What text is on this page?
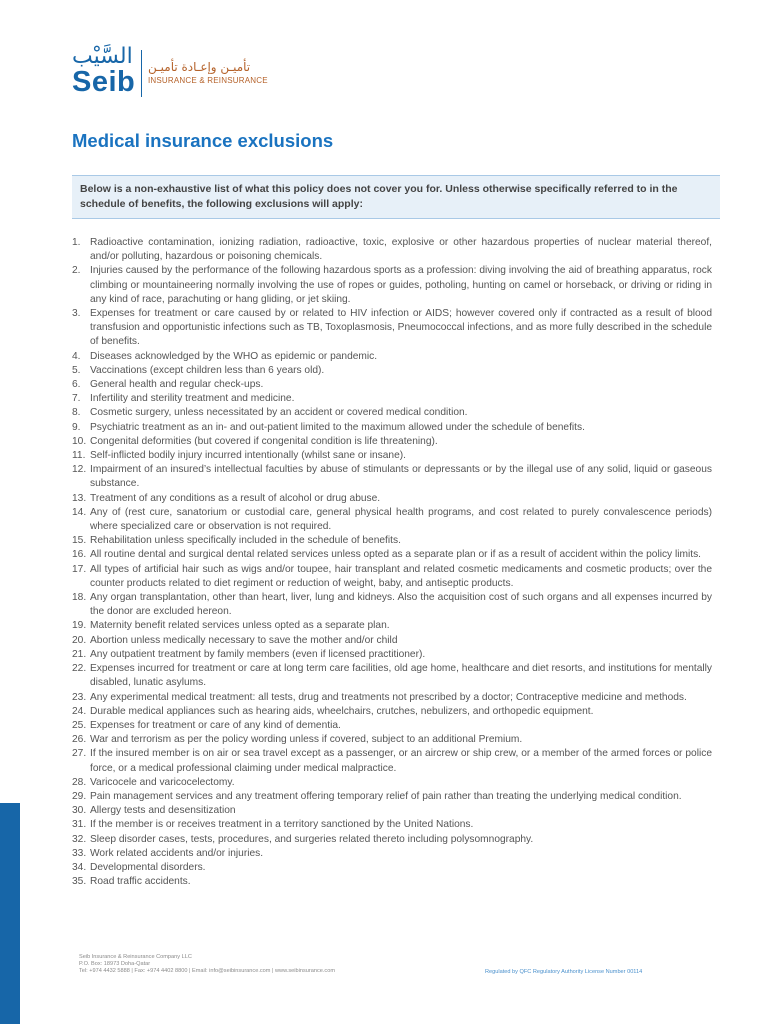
السَّيْب
Seib تأميـن وإعـادة تأميـن
INSURANCE & REINSURANCE
Medical insurance exclusions
Below is a non-exhaustive list of what this policy does not cover you for. Unless otherwise specifically referred to in the schedule of benefits, the following exclusions will apply:
1. Radioactive contamination, ionizing radiation, radioactive, toxic, explosive or other hazardous properties of nuclear material thereof, and/or polluting, hazardous or poisoning chemicals.
2. Injuries caused by the performance of the following hazardous sports as a profession: diving involving the aid of breathing apparatus, rock climbing or mountaineering normally involving the use of ropes or guides, potholing, hunting on camel or horseback, or driving or riding in any kind of race, parachuting or hang gliding, or jet skiing.
3. Expenses for treatment or care caused by or related to HIV infection or AIDS; however covered only if contracted as a result of blood transfusion and opportunistic infections such as TB, Toxoplasmosis, Pneumococcal infections, and as more fully described in the schedule of benefits.
4. Diseases acknowledged by the WHO as epidemic or pandemic.
5. Vaccinations (except children less than 6 years old).
6. General health and regular check-ups.
7. Infertility and sterility treatment and medicine.
8. Cosmetic surgery, unless necessitated by an accident or covered medical condition.
9. Psychiatric treatment as an in- and out-patient limited to the maximum allowed under the schedule of benefits.
10. Congenital deformities (but covered if congenital condition is life threatening).
11. Self-inflicted bodily injury incurred intentionally (whilst sane or insane).
12. Impairment of an insured’s intellectual faculties by abuse of stimulants or depressants or by the illegal use of any solid, liquid or gaseous substance.
13. Treatment of any conditions as a result of alcohol or drug abuse.
14. Any of (rest cure, sanatorium or custodial care, general physical health programs, and cost related to purely convalescence periods) where specialized care or observation is not required.
15. Rehabilitation unless specifically included in the schedule of benefits.
16. All routine dental and surgical dental related services unless opted as a separate plan or if as a result of accident within the policy limits.
17. All types of artificial hair such as wigs and/or toupee, hair transplant and related cosmetic medicaments and cosmetic products; over the counter products related to diet regiment or reduction of weight, baby, and antiseptic products.
18. Any organ transplantation, other than heart, liver, lung and kidneys. Also the acquisition cost of such organs and all expenses incurred by the donor are excluded hereon.
19. Maternity benefit related services unless opted as a separate plan.
20. Abortion unless medically necessary to save the mother and/or child
21. Any outpatient treatment by family members (even if licensed practitioner).
22. Expenses incurred for treatment or care at long term care facilities, old age home, healthcare and diet resorts, and institutions for mentally disabled, lunatic asylums.
23. Any experimental medical treatment: all tests, drug and treatments not prescribed by a doctor; Contraceptive medicine and methods.
24. Durable medical appliances such as hearing aids, wheelchairs, crutches, nebulizers, and orthopedic equipment.
25. Expenses for treatment or care of any kind of dementia.
26. War and terrorism as per the policy wording unless if covered, subject to an additional Premium.
27. If the insured member is on air or sea travel except as a passenger, or an aircrew or ship crew, or a member of the armed forces or police force, or a medical professional claiming under medical malpractice.
28. Varicocele and varicocelectomy.
29. Pain management services and any treatment offering temporary relief of pain rather than treating the underlying medical condition.
30. Allergy tests and desensitization
31. If the member is or receives treatment in a territory sanctioned by the United Nations.
32. Sleep disorder cases, tests, procedures, and surgeries related thereto including polysomnography.
33. Work related accidents and/or injuries.
34. Developmental disorders.
35. Road traffic accidents.
Seib Insurance & Reinsurance Company LLC
P.O. Box: 18973 Doha-Qatar
Tel: +974 4432 5888 | Fax: +974 4402 8800 | Email: info@seibinsurance.com | www.seibinsurance.com	Regulated by QFC Regulatory Authority License Number 00114
